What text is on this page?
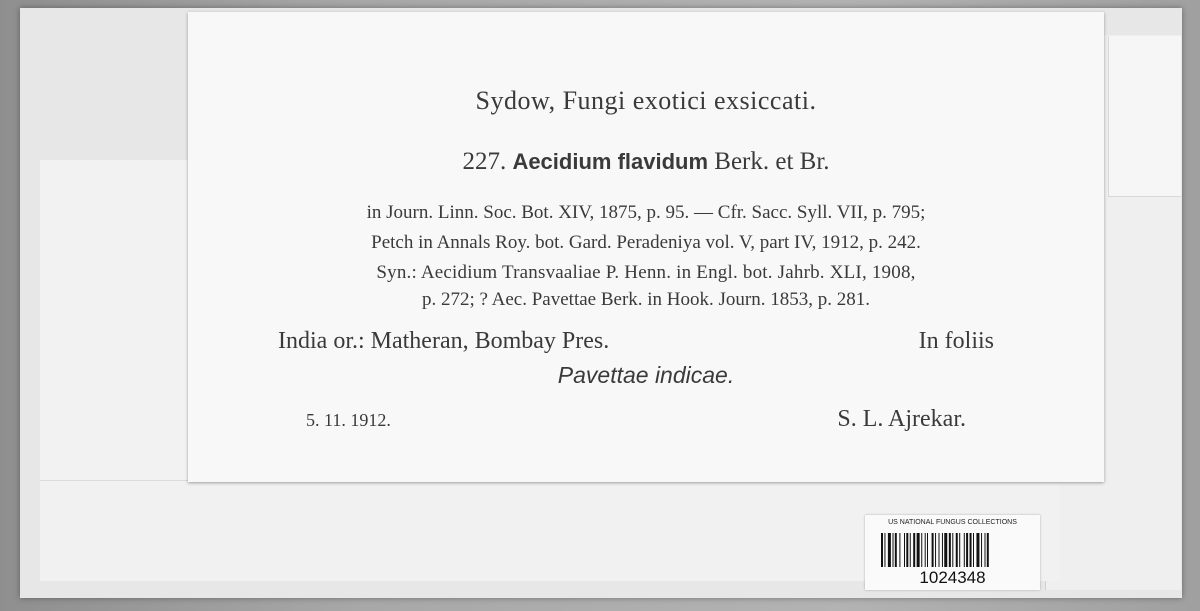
Sydow, Fungi exotici exsiccati.
227. Aecidium flavidum Berk. et Br.
in Journ. Linn. Soc. Bot. XIV, 1875, p. 95. — Cfr. Sacc. Syll. VII, p. 795;
Petch in Annals Roy. bot. Gard. Peradeniya vol. V, part IV, 1912, p. 242.
Syn.: Aecidium Transvaaliae P. Henn. in Engl. bot. Jahrb. XLI, 1908,
p. 272; ? Aec. Pavettae Berk. in Hook. Journ. 1853, p. 281.
India or.: Matheran, Bombay Pres.	In foliis
Pavettae indicae.
5. 11. 1912.	S. L. Ajrekar.
US NATIONAL FUNGUS COLLECTIONS
1024348
